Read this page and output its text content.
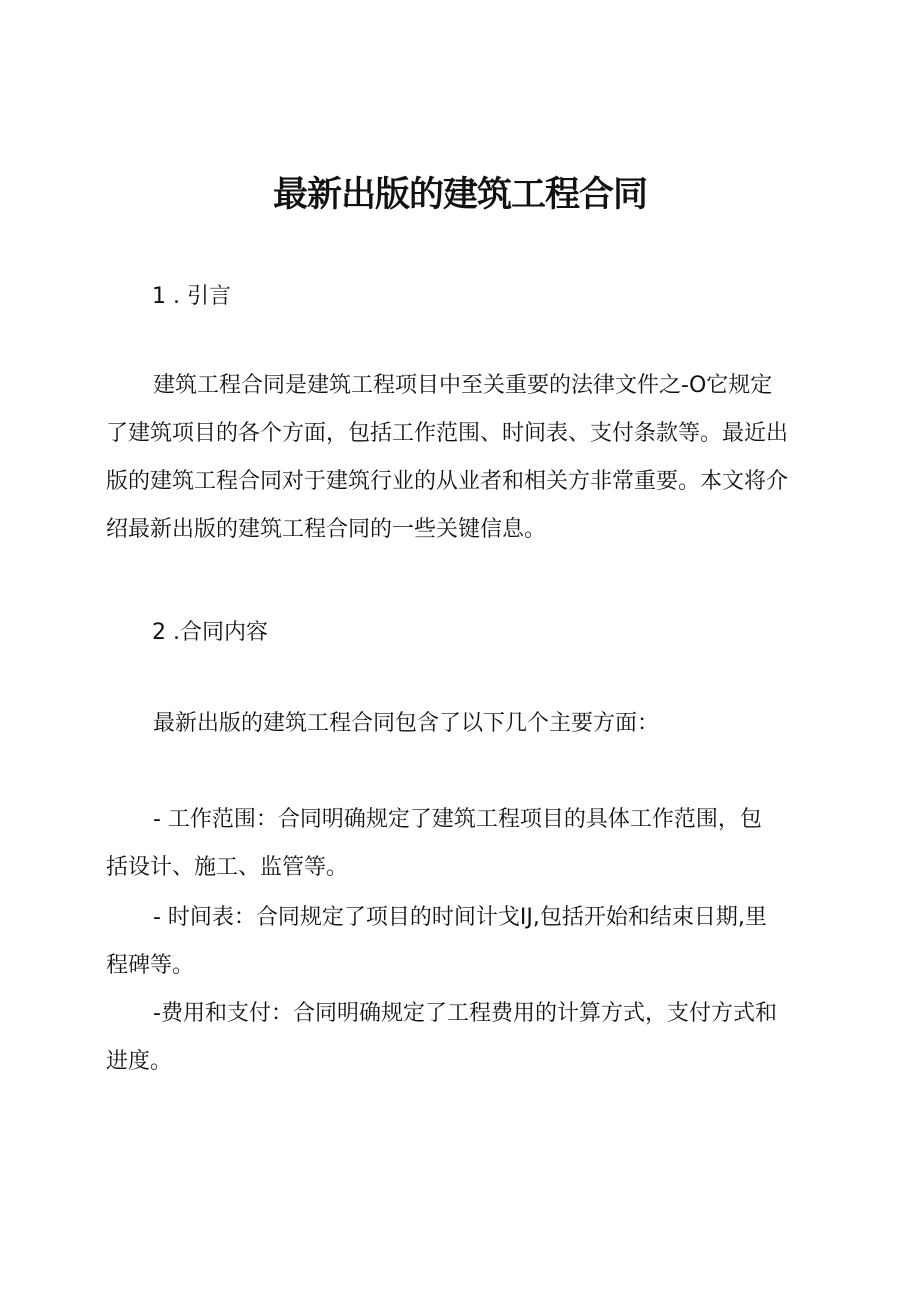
最新出版的建筑工程合同
1 . 引言
建筑工程合同是建筑工程项目中至关重要的法律文件之-O它规定
了建筑项目的各个方面，包括工作范围、时间表、支付条款等。最近出
版的建筑工程合同对于建筑行业的从业者和相关方非常重要。本文将介
绍最新出版的建筑工程合同的一些关键信息。
2 .合同内容
最新出版的建筑工程合同包含了以下几个主要方面：
- 工作范围：合同明确规定了建筑工程项目的具体工作范围，包
括设计、施工、监管等。
- 时间表：合同规定了项目的时间计戈IJ,包括开始和结束日期,里
程碑等。
-费用和支付：合同明确规定了工程费用的计算方式，支付方式和
进度。
